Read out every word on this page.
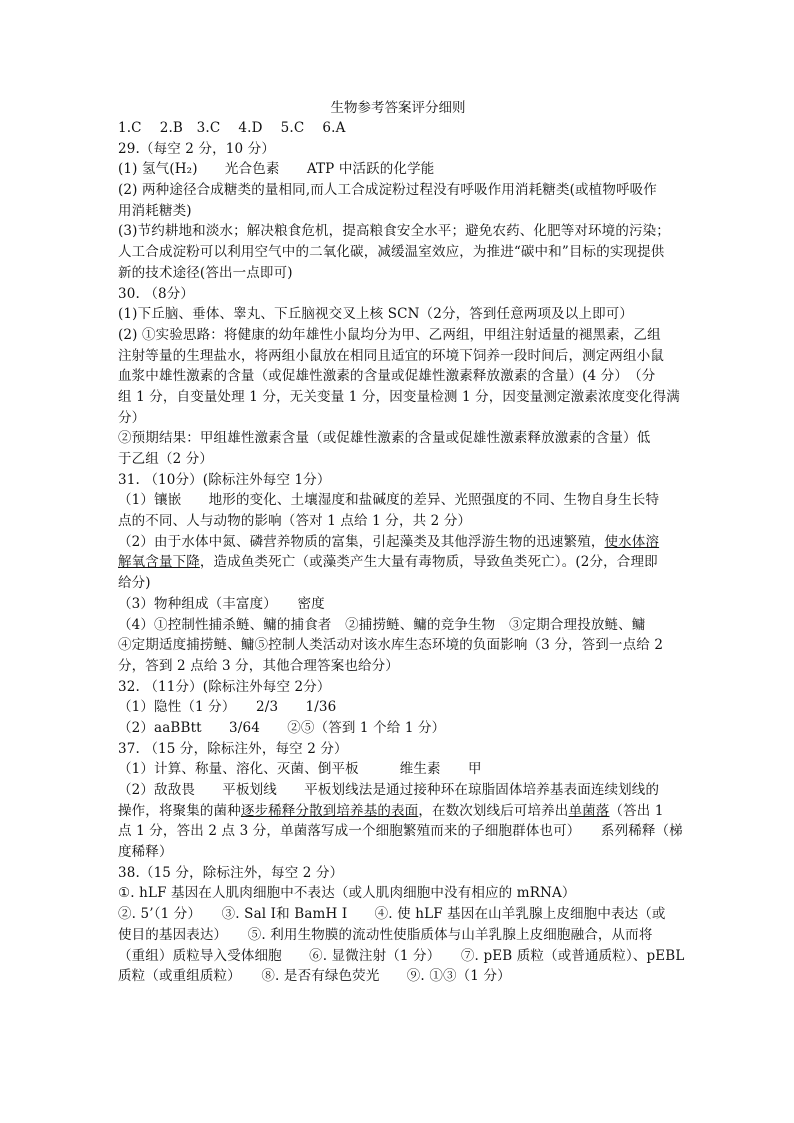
生物参考答案评分细则
1.C　 2.B　3.C　 4.D　 5.C　 6.A
29.（每空 2 分，10 分）
(1) 氢气(H₂)　　光合色素　　ATP 中活跃的化学能
(2) 两种途径合成糖类的量相同,而人工合成淀粉过程没有呼吸作用消耗糖类(或植物呼吸作
用消耗糖类)
(3)节约耕地和淡水；解决粮食危机，提高粮食安全水平；避免农药、化肥等对环境的污染；
人工合成淀粉可以利用空气中的二氧化碳，减缓温室效应，为推进“碳中和”目标的实现提供
新的技术途径(答出一点即可)
30. （8分）
(1)下丘脑、垂体、睾丸、下丘脑视交叉上核 SCN（2分，答到任意两项及以上即可）
(2) ①实验思路：将健康的幼年雄性小鼠均分为甲、乙两组，甲组注射适量的褪黑素，乙组
注射等量的生理盐水，将两组小鼠放在相同且适宜的环境下饲养一段时间后，测定两组小鼠
血浆中雄性激素的含量（或促雄性激素的含量或促雄性激素释放激素的含量）(4 分）　（分
组 1 分，自变量处理 1 分，无关变量 1 分，因变量检测 1 分，因变量测定激素浓度变化得满
分）
②预期结果：甲组雄性激素含量（或促雄性激素的含量或促雄性激素释放激素的含量）低
于乙组（2 分）
31. （10分）(除标注外每空 1分）
（1）镶嵌　　地形的变化、土壤湿度和盐碱度的差异、光照强度的不同、生物自身生长特
点的不同、人与动物的影响（答对 1 点给 1 分，共 2 分）
（2）由于水体中氮、磷营养物质的富集，引起藻类及其他浮游生物的迅速繁殖，使水体溶
解氧含量下降，造成鱼类死亡（或藻类产生大量有毒物质，导致鱼类死亡）。(2分，合理即
给分)
（3）物种组成（丰富度）　　密度
（4）①控制性捕杀鲢、鳙的捕食者　②捕捞鲢、鳙的竞争生物　③定期合理投放鲢、鳙
④定期适度捕捞鲢、鳙⑤控制人类活动对该水库生态环境的负面影响（3 分，答到一点给 2
分，答到 2 点给 3 分，其他合理答案也给分）
32. （11分）(除标注外每空 2分）
（1）隐性（1 分）　　2/3　　1/36
（2）aaBBtt　　3/64　　②⑤（答到 1 个给 1 分）
37. （15 分，除标注外，每空 2 分）
（1）计算、称量、溶化、灭菌、倒平板　　　维生素　　甲
（2）敌敌畏　　平板划线　　平板划线法是通过接种环在琼脂固体培养基表面连续划线的
操作，将聚集的菌种逐步稀释分散到培养基的表面，在数次划线后可培养出单菌落（答出 1
点 1 分，答出 2 点 3 分，单菌落写成一个细胞繁殖而来的子细胞群体也可）　　系列稀释（梯
度稀释）
38.（15 分，除标注外，每空 2 分）
①. hLF 基因在人肌肉细胞中不表达（或人肌肉细胞中没有相应的 mRNA）
②. 5’（1 分）　　③. Sal Ⅰ和 BamH Ⅰ　　④. 使 hLF 基因在山羊乳腺上皮细胞中表达（或
使目的基因表达）　　⑤. 利用生物膜的流动性使脂质体与山羊乳腺上皮细胞融合，从而将
（重组）质粒导入受体细胞　　⑥. 显微注射（1 分）　　⑦. pEB 质粒（或普通质粒）、pEBL
质粒（或重组质粒）　　⑧. 是否有绿色荧光　　⑨. ①③（1 分）
